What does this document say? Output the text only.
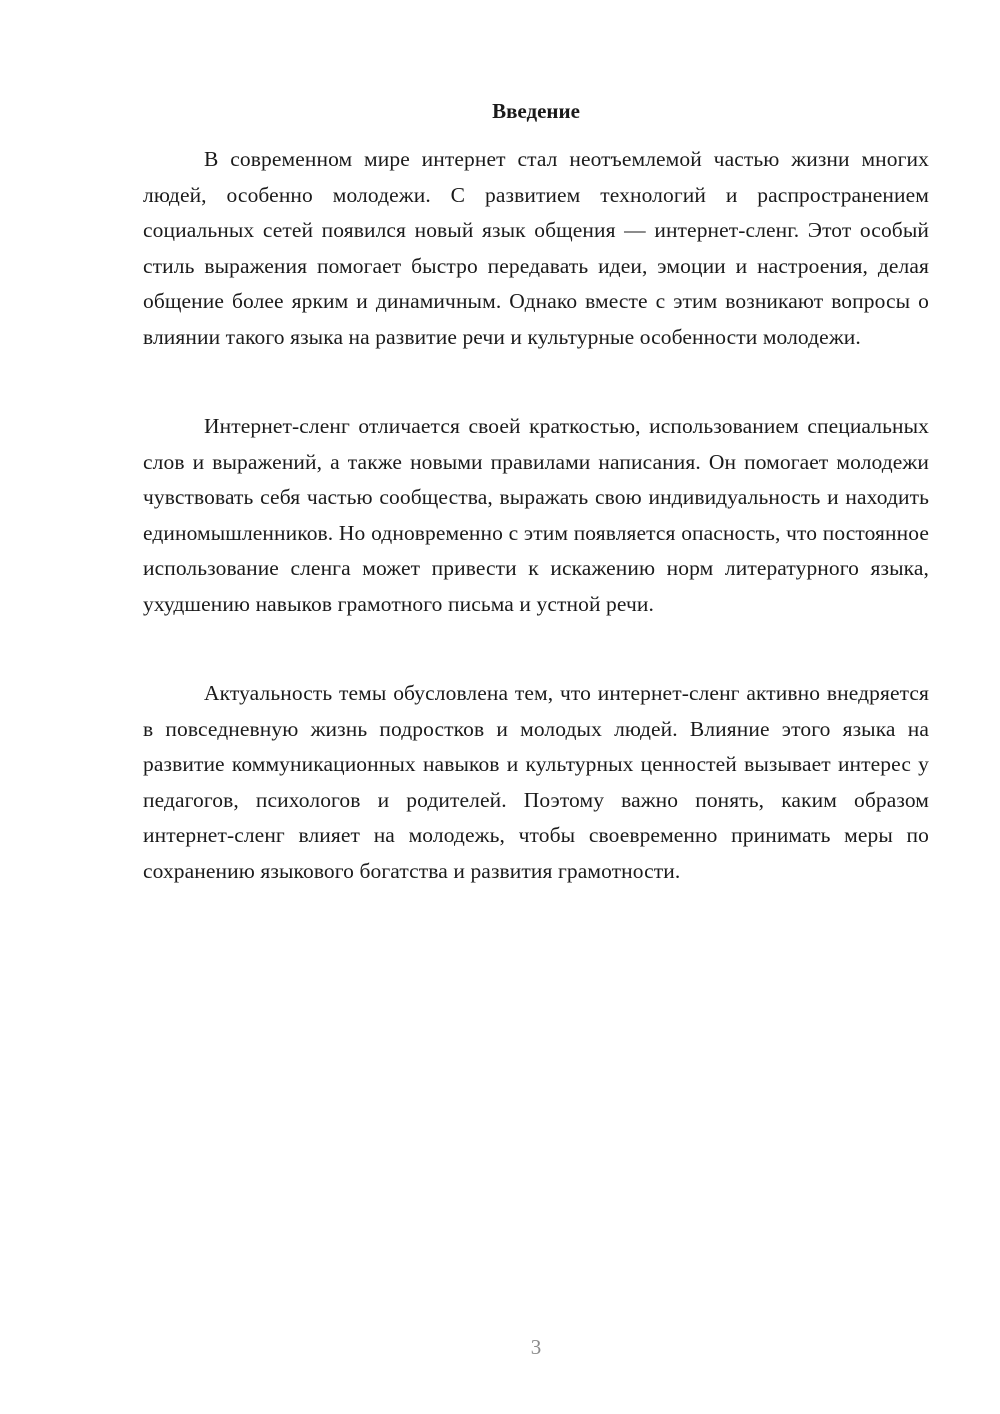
Введение

В современном мире интернет стал неотъемлемой частью жизни многих людей, особенно молодежи. С развитием технологий и распространением социальных сетей появился новый язык общения — интернет-сленг. Этот особый стиль выражения помогает быстро передавать идеи, эмоции и настроения, делая общение более ярким и динамичным. Однако вместе с этим возникают вопросы о влиянии такого языка на развитие речи и культурные особенности молодежи.

Интернет-сленг отличается своей краткостью, использованием специальных слов и выражений, а также новыми правилами написания. Он помогает молодежи чувствовать себя частью сообщества, выражать свою индивидуальность и находить единомышленников. Но одновременно с этим появляется опасность, что постоянное использование сленга может привести к искажению норм литературного языка, ухудшению навыков грамотного письма и устной речи.

Актуальность темы обусловлена тем, что интернет-сленг активно внедряется в повседневную жизнь подростков и молодых людей. Влияние этого языка на развитие коммуникационных навыков и культурных ценностей вызывает интерес у педагогов, психологов и родителей. Поэтому важно понять, каким образом интернет-сленг влияет на молодежь, чтобы своевременно принимать меры по сохранению языкового богатства и развития грамотности.

3
